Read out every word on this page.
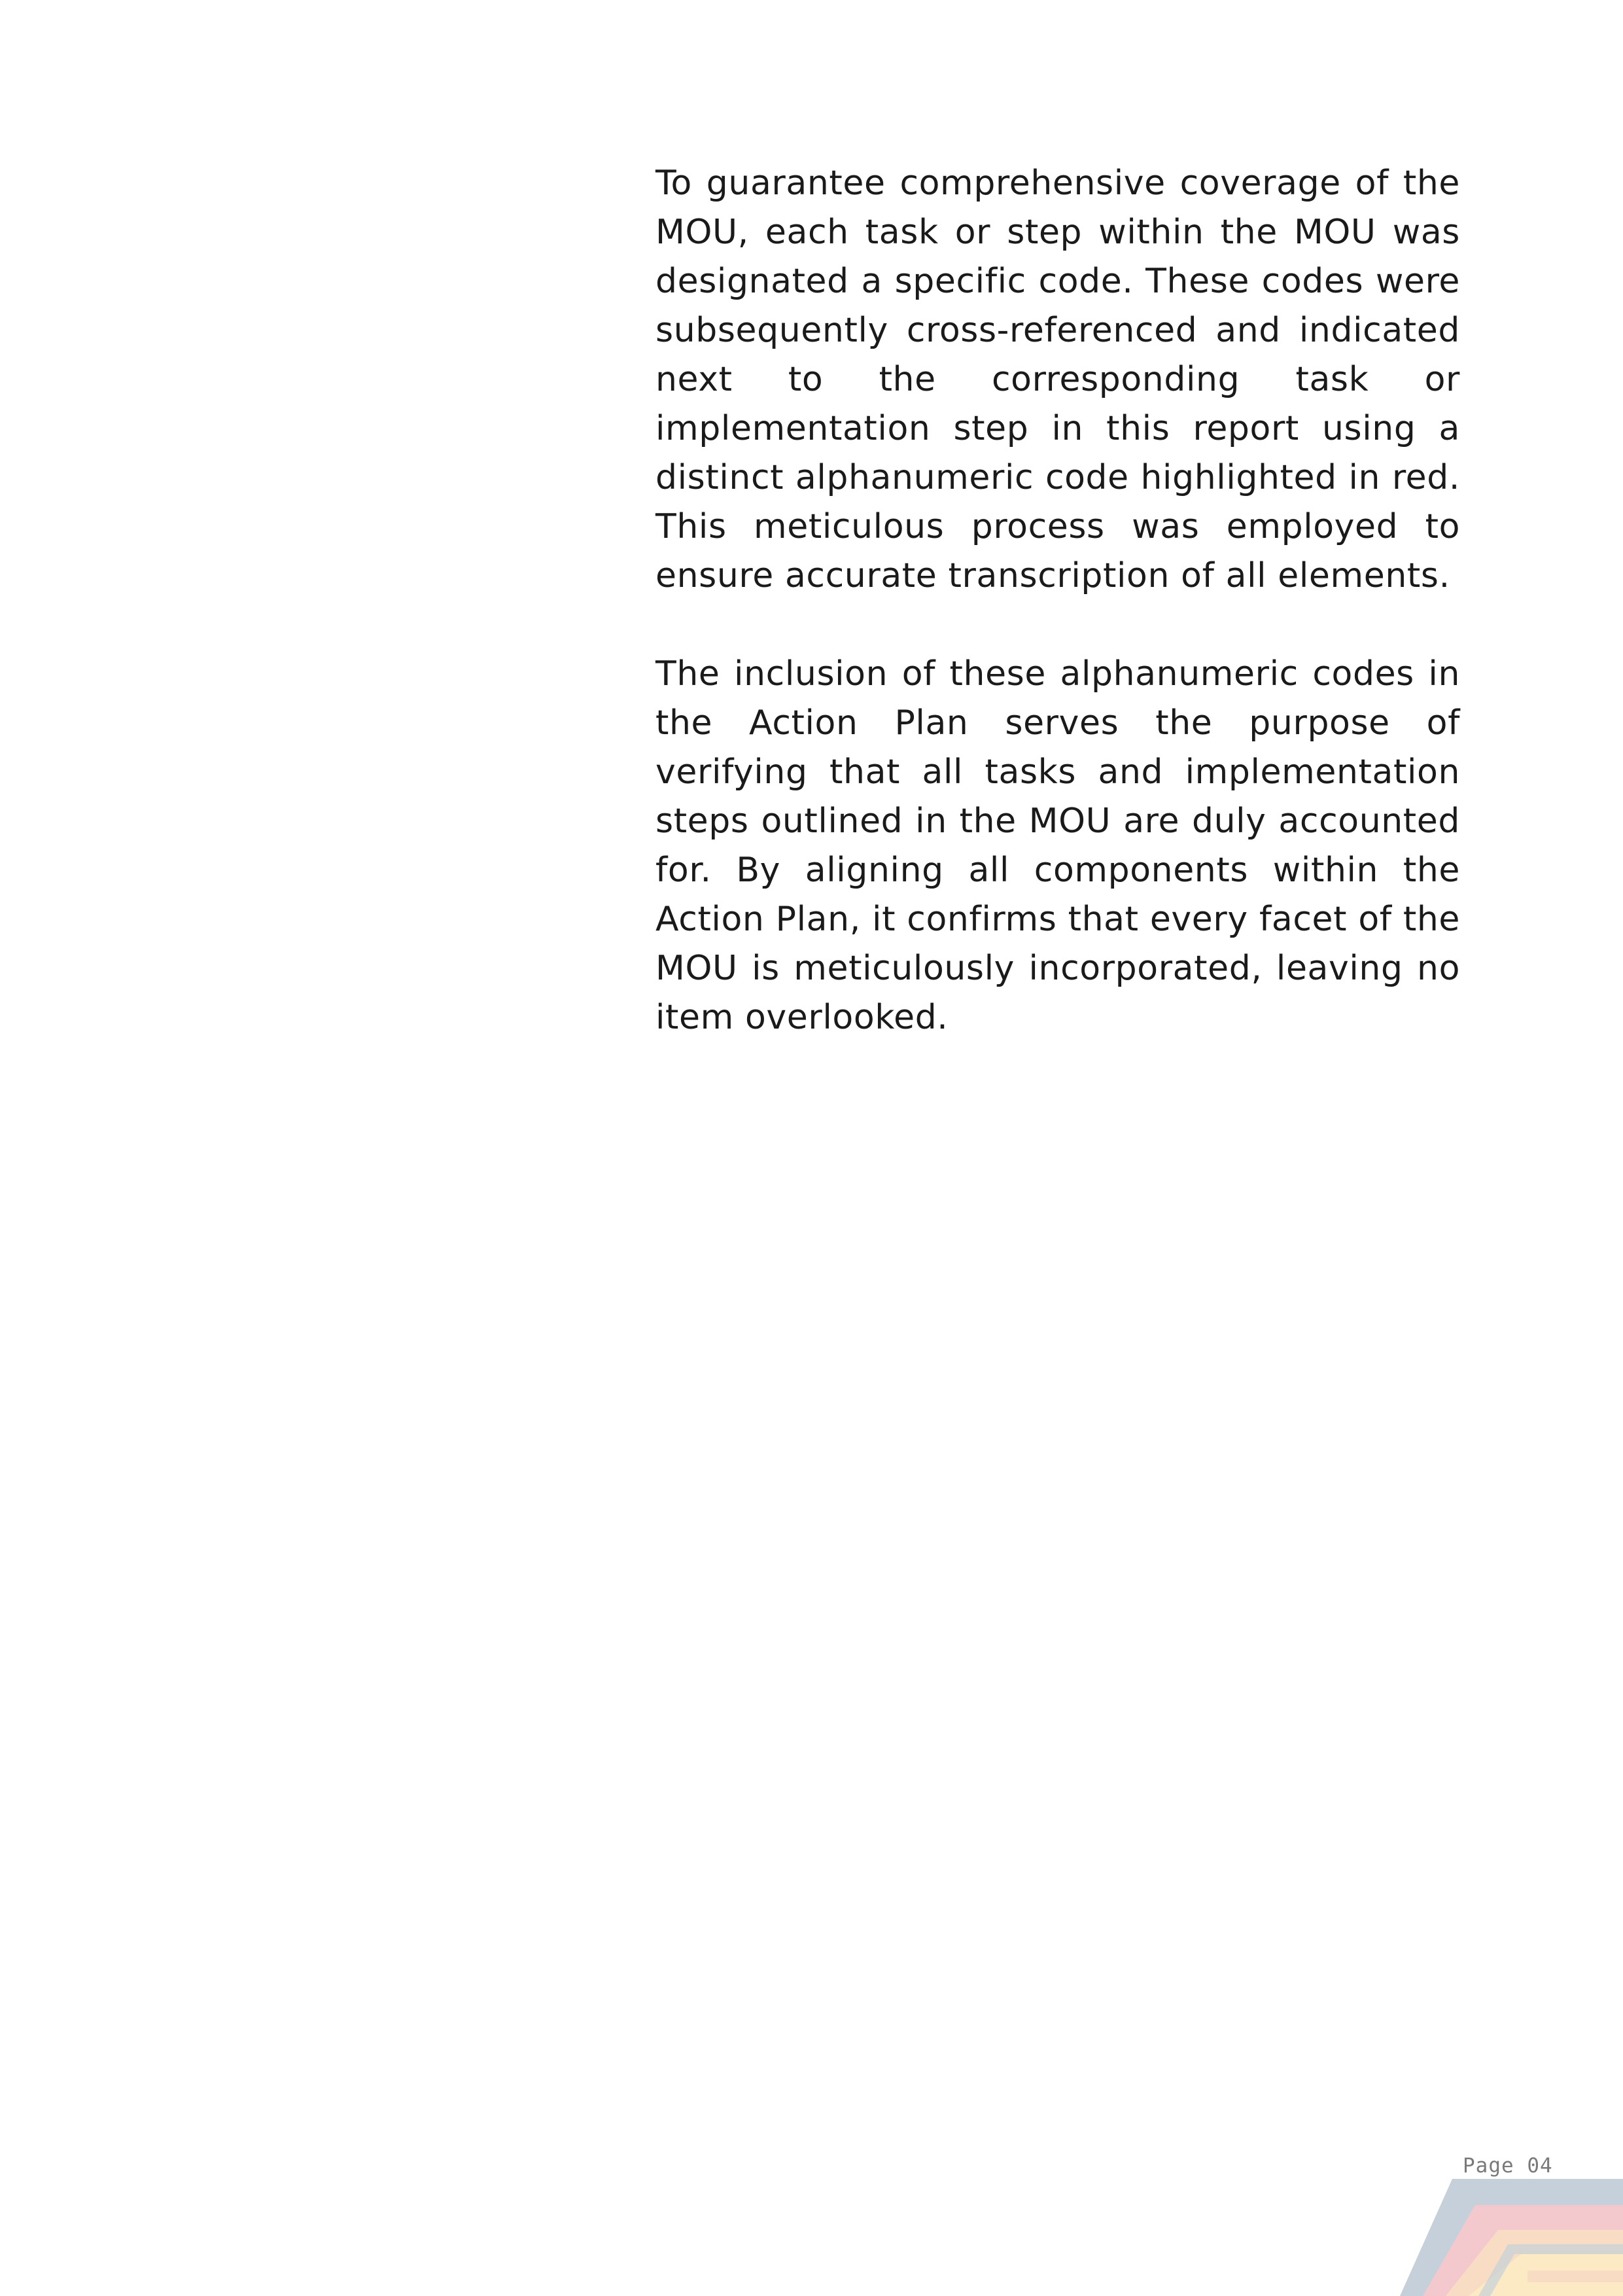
To guarantee comprehensive coverage of the MOU, each task or step within the MOU was designated a specific code. These codes were subsequently cross-referenced and indicated next to the corresponding task or implementation step in this report using a distinct alphanumeric code highlighted in red. This meticulous process was employed to ensure accurate transcription of all elements.

The inclusion of these alphanumeric codes in the Action Plan serves the purpose of verifying that all tasks and implementation steps outlined in the MOU are duly accounted for. By aligning all components within the Action Plan, it confirms that every facet of the MOU is meticulously incorporated, leaving no item overlooked.

Page 04
